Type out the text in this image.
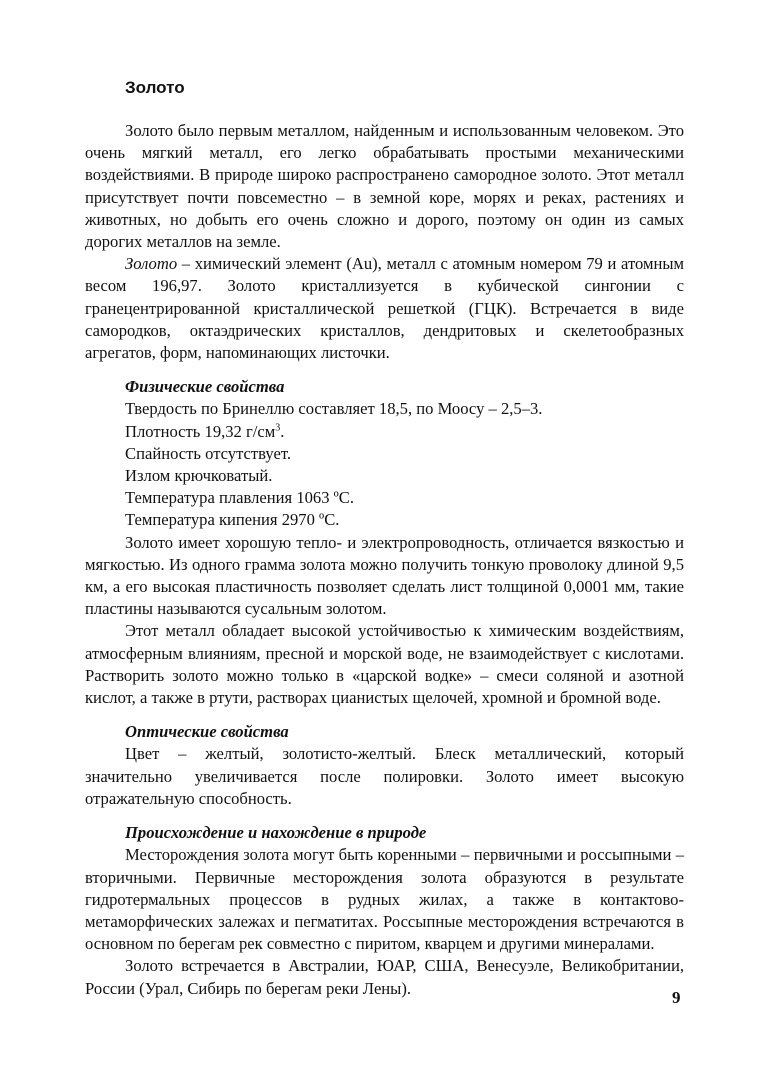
Золото

Золото было первым металлом, найденным и использованным человеком. Это очень мягкий металл, его легко обрабатывать простыми механическими воздействиями. В природе широко распространено самородное золото. Этот металл присутствует почти повсеместно – в земной коре, морях и реках, растениях и животных, но добыть его очень сложно и дорого, поэтому он один из самых дорогих металлов на земле.

Золото – химический элемент (Au), металл с атомным номером 79 и атомным весом 196,97. Золото кристаллизуется в кубической сингонии с гранецентрированной кристаллической решеткой (ГЦК). Встречается в виде самородков, октаэдрических кристаллов, дендритовых и скелетообразных агрегатов, форм, напоминающих листочки.

Физические свойства

Твердость по Бринеллю составляет 18,5, по Моосу – 2,5–3.

Плотность 19,32 $г/см^3$.

Спайность отсутствует.

Излом крючковатый.

Температура плавления 1063 ºС.

Температура кипения 2970 ºС.

Золото имеет хорошую тепло- и электропроводность, отличается вязкостью и мягкостью. Из одного грамма золота можно получить тонкую проволоку длиной 9,5 км, а его высокая пластичность позволяет сделать лист толщиной 0,0001 мм, такие пластины называются сусальным золотом.

Этот металл обладает высокой устойчивостью к химическим воздействиям, атмосферным влияниям, пресной и морской воде, не взаимодействует с кислотами. Растворить золото можно только в «царской водке» – смеси соляной и азотной кислот, а также в ртути, растворах цианистых щелочей, хромной и бромной воде.

Оптические свойства

Цвет – желтый, золотисто-желтый. Блеск металлический, который значительно увеличивается после полировки. Золото имеет высокую отражательную способность.

Происхождение и нахождение в природе

Месторождения золота могут быть коренными – первичными и россыпными – вторичными. Первичные месторождения золота образуются в результате гидротермальных процессов в рудных жилах, а также в контактово-метаморфических залежах и пегматитах. Россыпные месторождения встречаются в основном по берегам рек совместно с пиритом, кварцем и другими минералами.

Золото встречается в Австралии, ЮАР, США, Венесуэле, Великобритании, России (Урал, Сибирь по берегам реки Лены).	9
